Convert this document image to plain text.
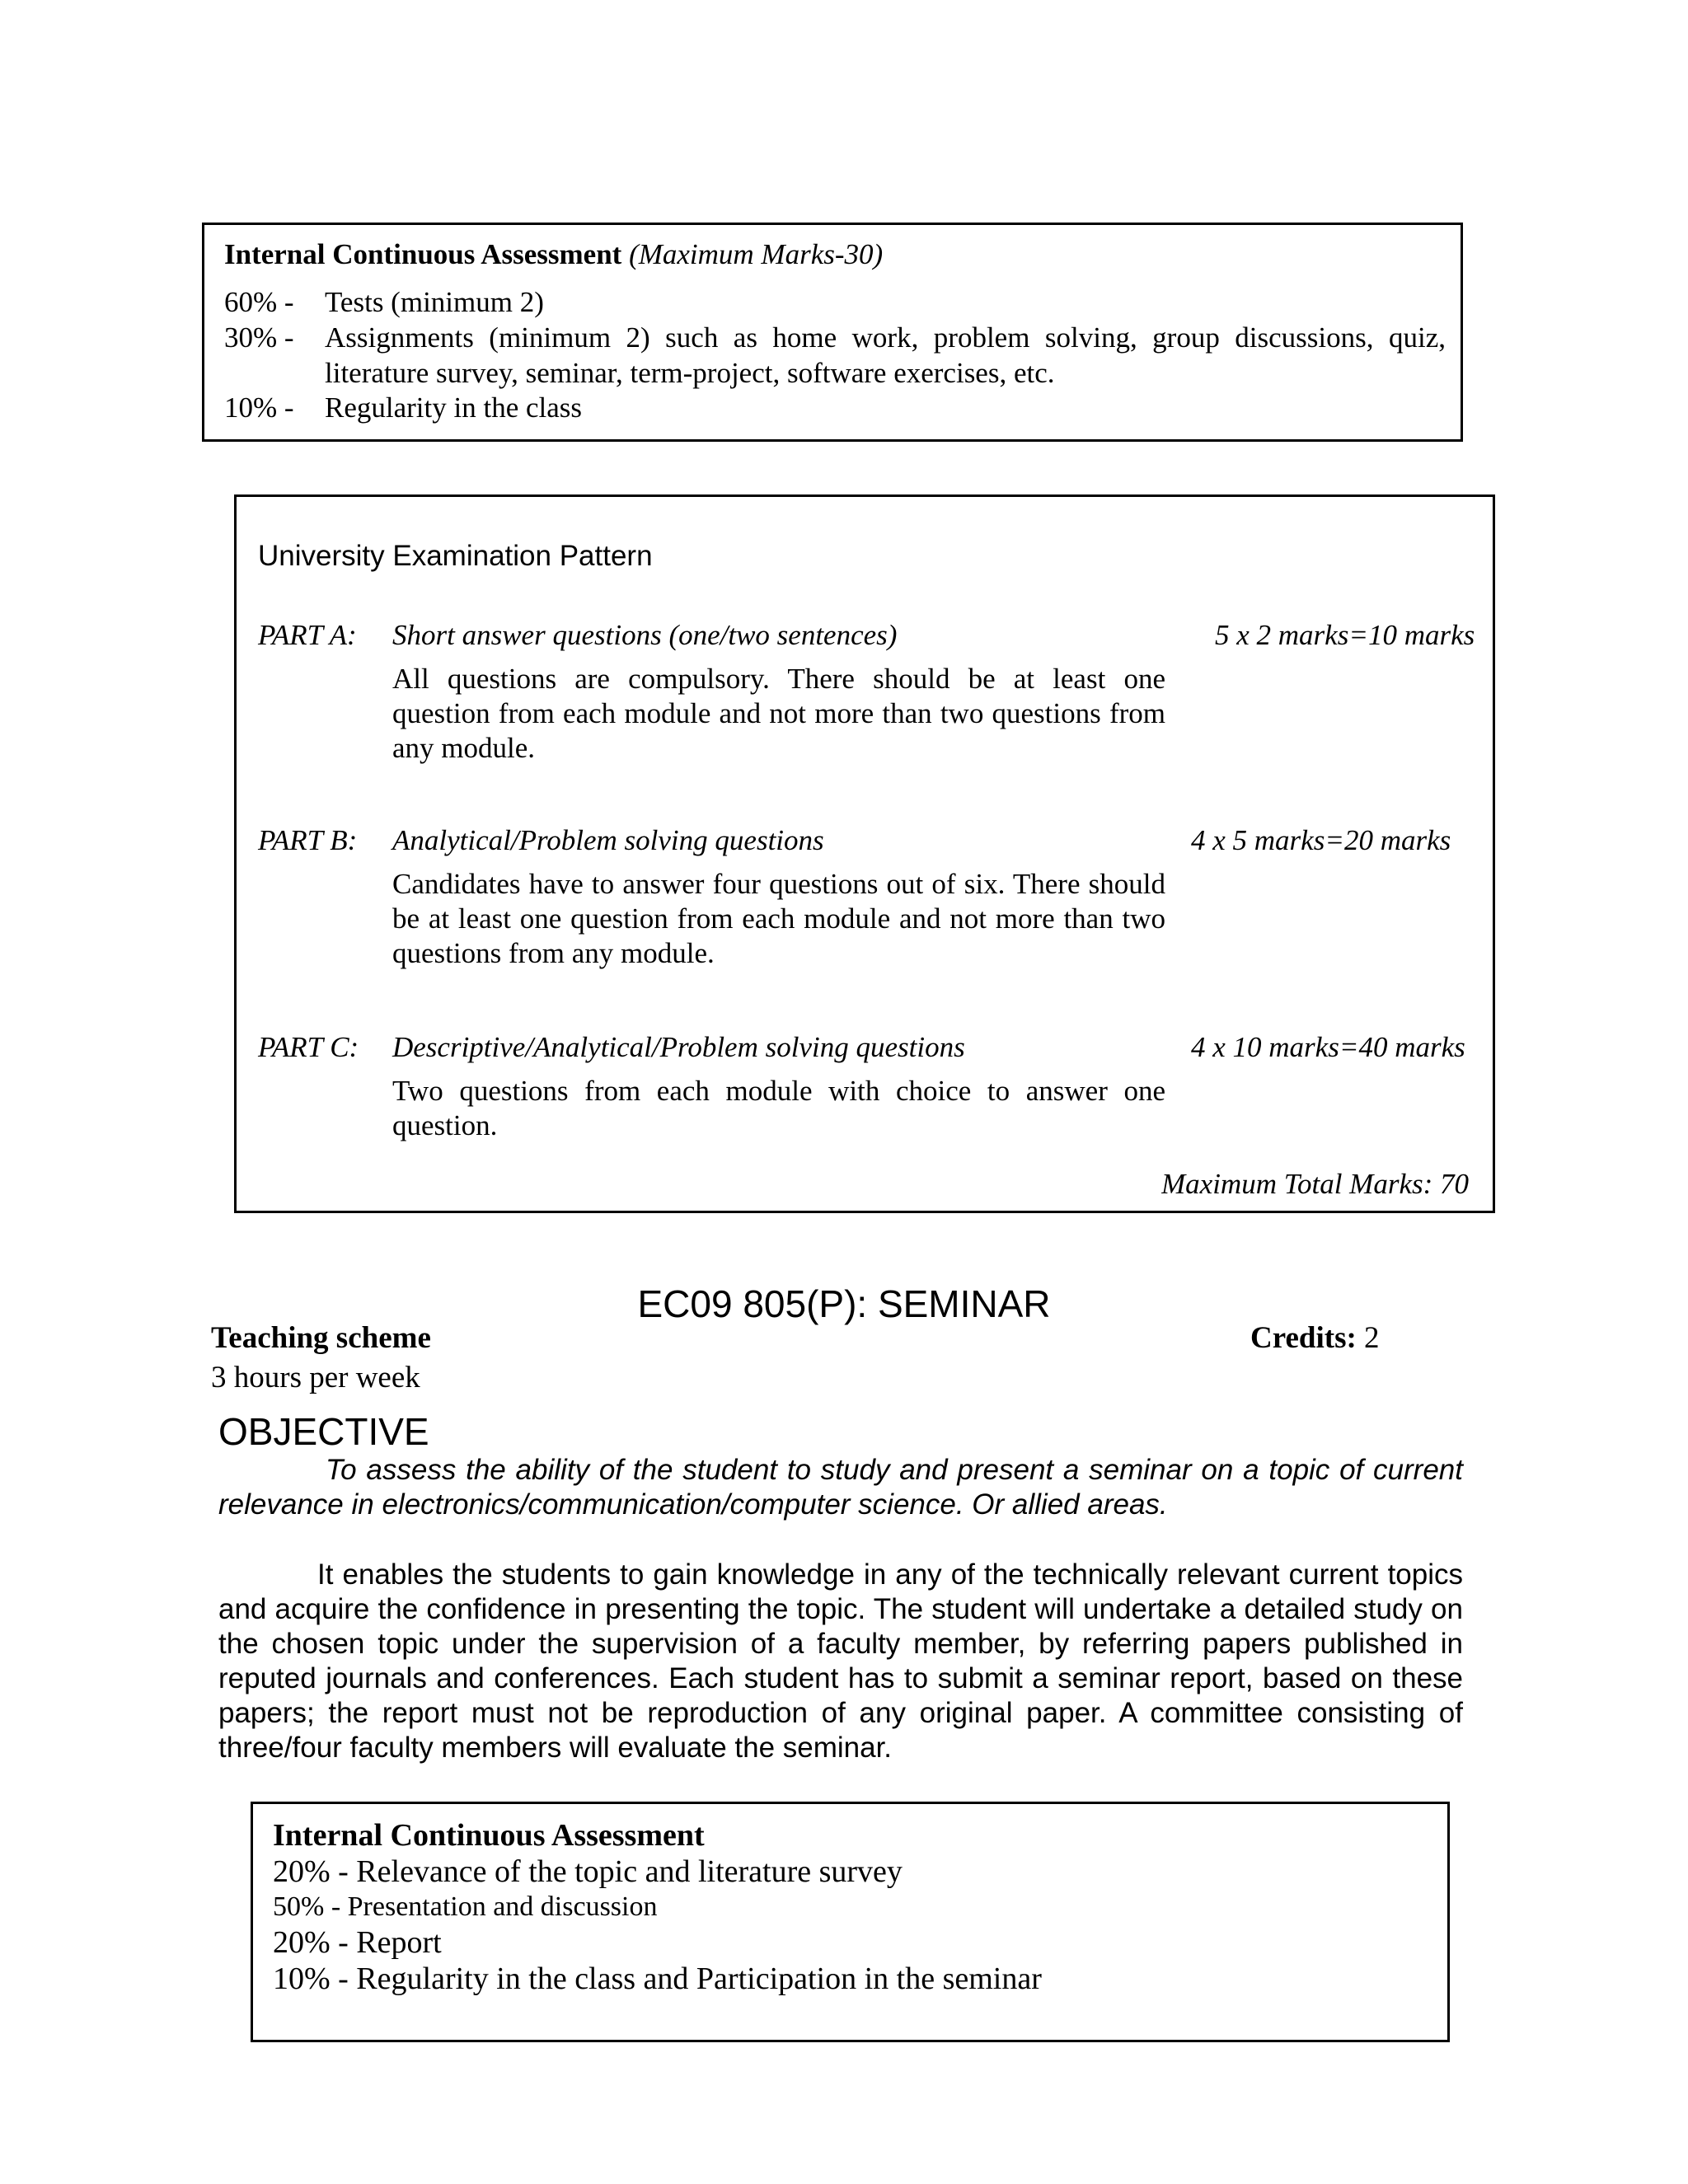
Internal Continuous Assessment (Maximum Marks-30)
60% -	Tests (minimum 2)
30% -	Assignments (minimum 2) such as home work, problem solving, group discussions, quiz, literature survey, seminar, term-project, software exercises, etc.
10% -	Regularity in the class
University Examination Pattern
PART A: Short answer questions (one/two sentences)	5 x 2 marks=10 marks
All questions are compulsory. There should be at least one question from each module and not more than two questions from any module.
PART B: Analytical/Problem solving questions	4 x 5 marks=20 marks
Candidates have to answer four questions out of six. There should be at least one question from each module and not more than two questions from any module.
PART C: Descriptive/Analytical/Problem solving questions	4 x 10 marks=40 marks
Two questions from each module with choice to answer one question.
Maximum Total Marks: 70
EC09 805(P): SEMINAR
Teaching scheme	Credits: 2
3 hours per week
OBJECTIVE
To assess the ability of the student to study and present a seminar on a topic of current relevance in electronics/communication/computer science. Or allied areas.
It enables the students to gain knowledge in any of the technically relevant current topics and acquire the confidence in presenting the topic. The student will undertake a detailed study on the chosen topic under the supervision of a faculty member, by referring papers published in reputed journals and conferences. Each student has to submit a seminar report, based on these papers; the report must not be reproduction of any original paper. A committee consisting of three/four faculty members will evaluate the seminar.
Internal Continuous Assessment
20% - Relevance of the topic and literature survey
50% - Presentation and discussion
20% - Report
10% - Regularity in the class and Participation in the seminar
